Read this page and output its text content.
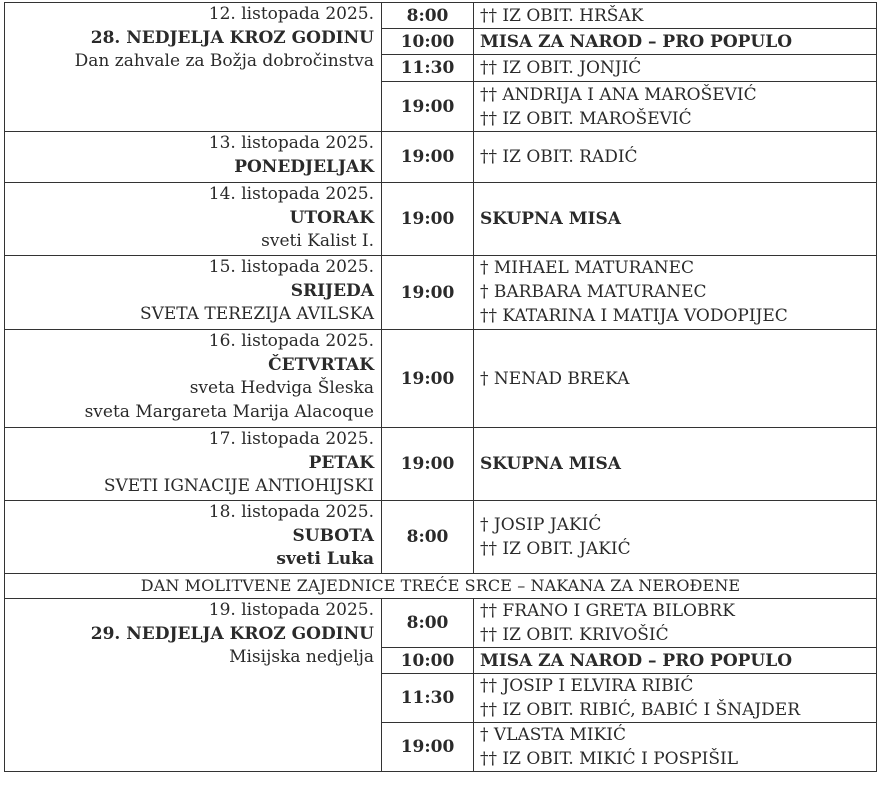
12. listopada 2025.
28. NEDJELJA KROZ GODINU
Dan zahvale za Božja dobročinstva	8:00	†† IZ OBIT. HRŠAK

	10:00	MISA ZA NAROD – PRO POPULO

	11:30	†† IZ OBIT. JONJIĆ

	19:00	†† ANDRIJA I ANA MAROŠEVIĆ
†† IZ OBIT. MAROŠEVIĆ

13. listopada 2025.
PONEDJELJAK	19:00	†† IZ OBIT. RADIĆ

14. listopada 2025.
UTORAK
sveti Kalist I.	19:00	SKUPNA MISA

15. listopada 2025.
SRIJEDA
SVETA TEREZIJA AVILSKA	19:00	† MIHAEL MATURANEC
† BARBARA MATURANEC
†† KATARINA I MATIJA VODOPIJEC

16. listopada 2025.
ČETVRTAK
sveta Hedviga Šleska
sveta Margareta Marija Alacoque	19:00	† NENAD BREKA

17. listopada 2025.
PETAK
SVETI IGNACIJE ANTIOHIJSKI	19:00	SKUPNA MISA

18. listopada 2025.
SUBOTA
sveti Luka	8:00	† JOSIP JAKIĆ
†† IZ OBIT. JAKIĆ

DAN MOLITVENE ZAJEDNICE TREĆE SRCE – NAKANA ZA NEROĐENE		

19. listopada 2025.
29. NEDJELJA KROZ GODINU
Misijska nedjelja	8:00	†† FRANO I GRETA BILOBRK
†† IZ OBIT. KRIVOŠIĆ

	10:00	MISA ZA NAROD – PRO POPULO

	11:30	†† JOSIP I ELVIRA RIBIĆ
†† IZ OBIT. RIBIĆ, BABIĆ I ŠNAJDER

	19:00	† VLASTA MIKIĆ
†† IZ OBIT. MIKIĆ I POSPIŠIL
